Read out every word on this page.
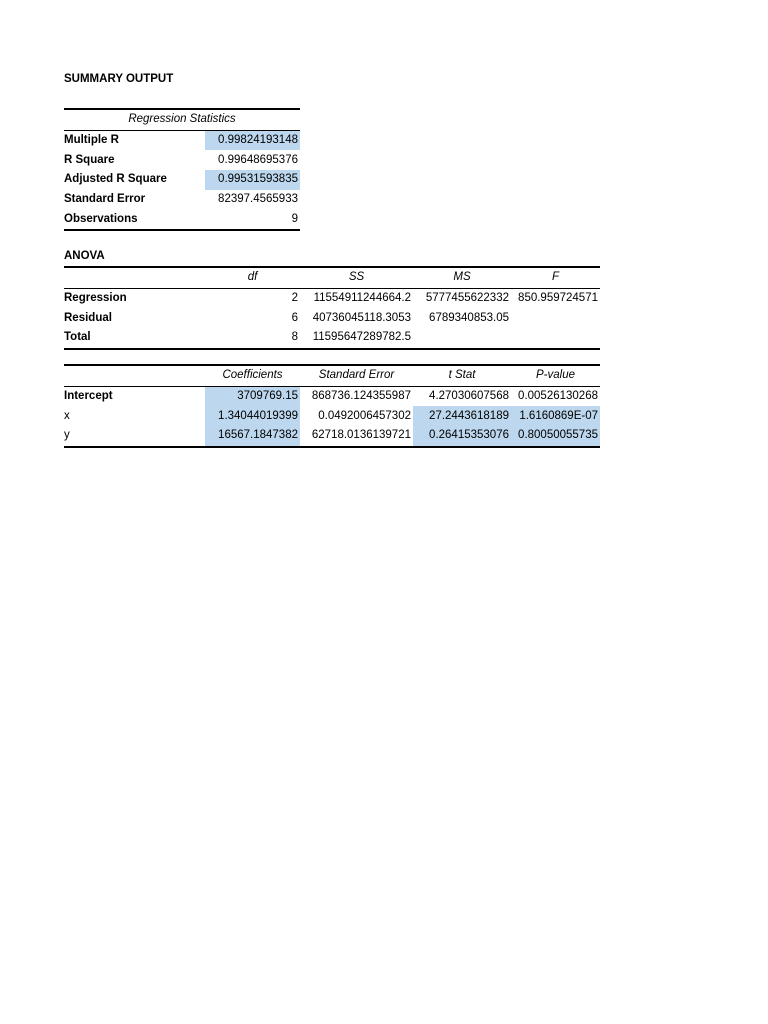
SUMMARY OUTPUT
Regression Statistics	
Multiple R	0.99824193148
R Square	0.99648695376
Adjusted R Square	0.99531593835
Standard Error	82397.4565933
Observations	9
ANOVA
	df	SS	MS	F
Regression	2	11554911244664.2	5777455622332	850.959724571
Residual	6	40736045118.3053	6789340853.05	
Total	8	11595647289782.5		
	Coefficients	Standard Error	t Stat	P-value
Intercept	3709769.15	868736.124355987	4.27030607568	0.00526130268
x	1.34044019399	0.0492006457302	27.2443618189	1.6160869E-07
y	16567.1847382	62718.0136139721	0.26415353076	0.80050055735
